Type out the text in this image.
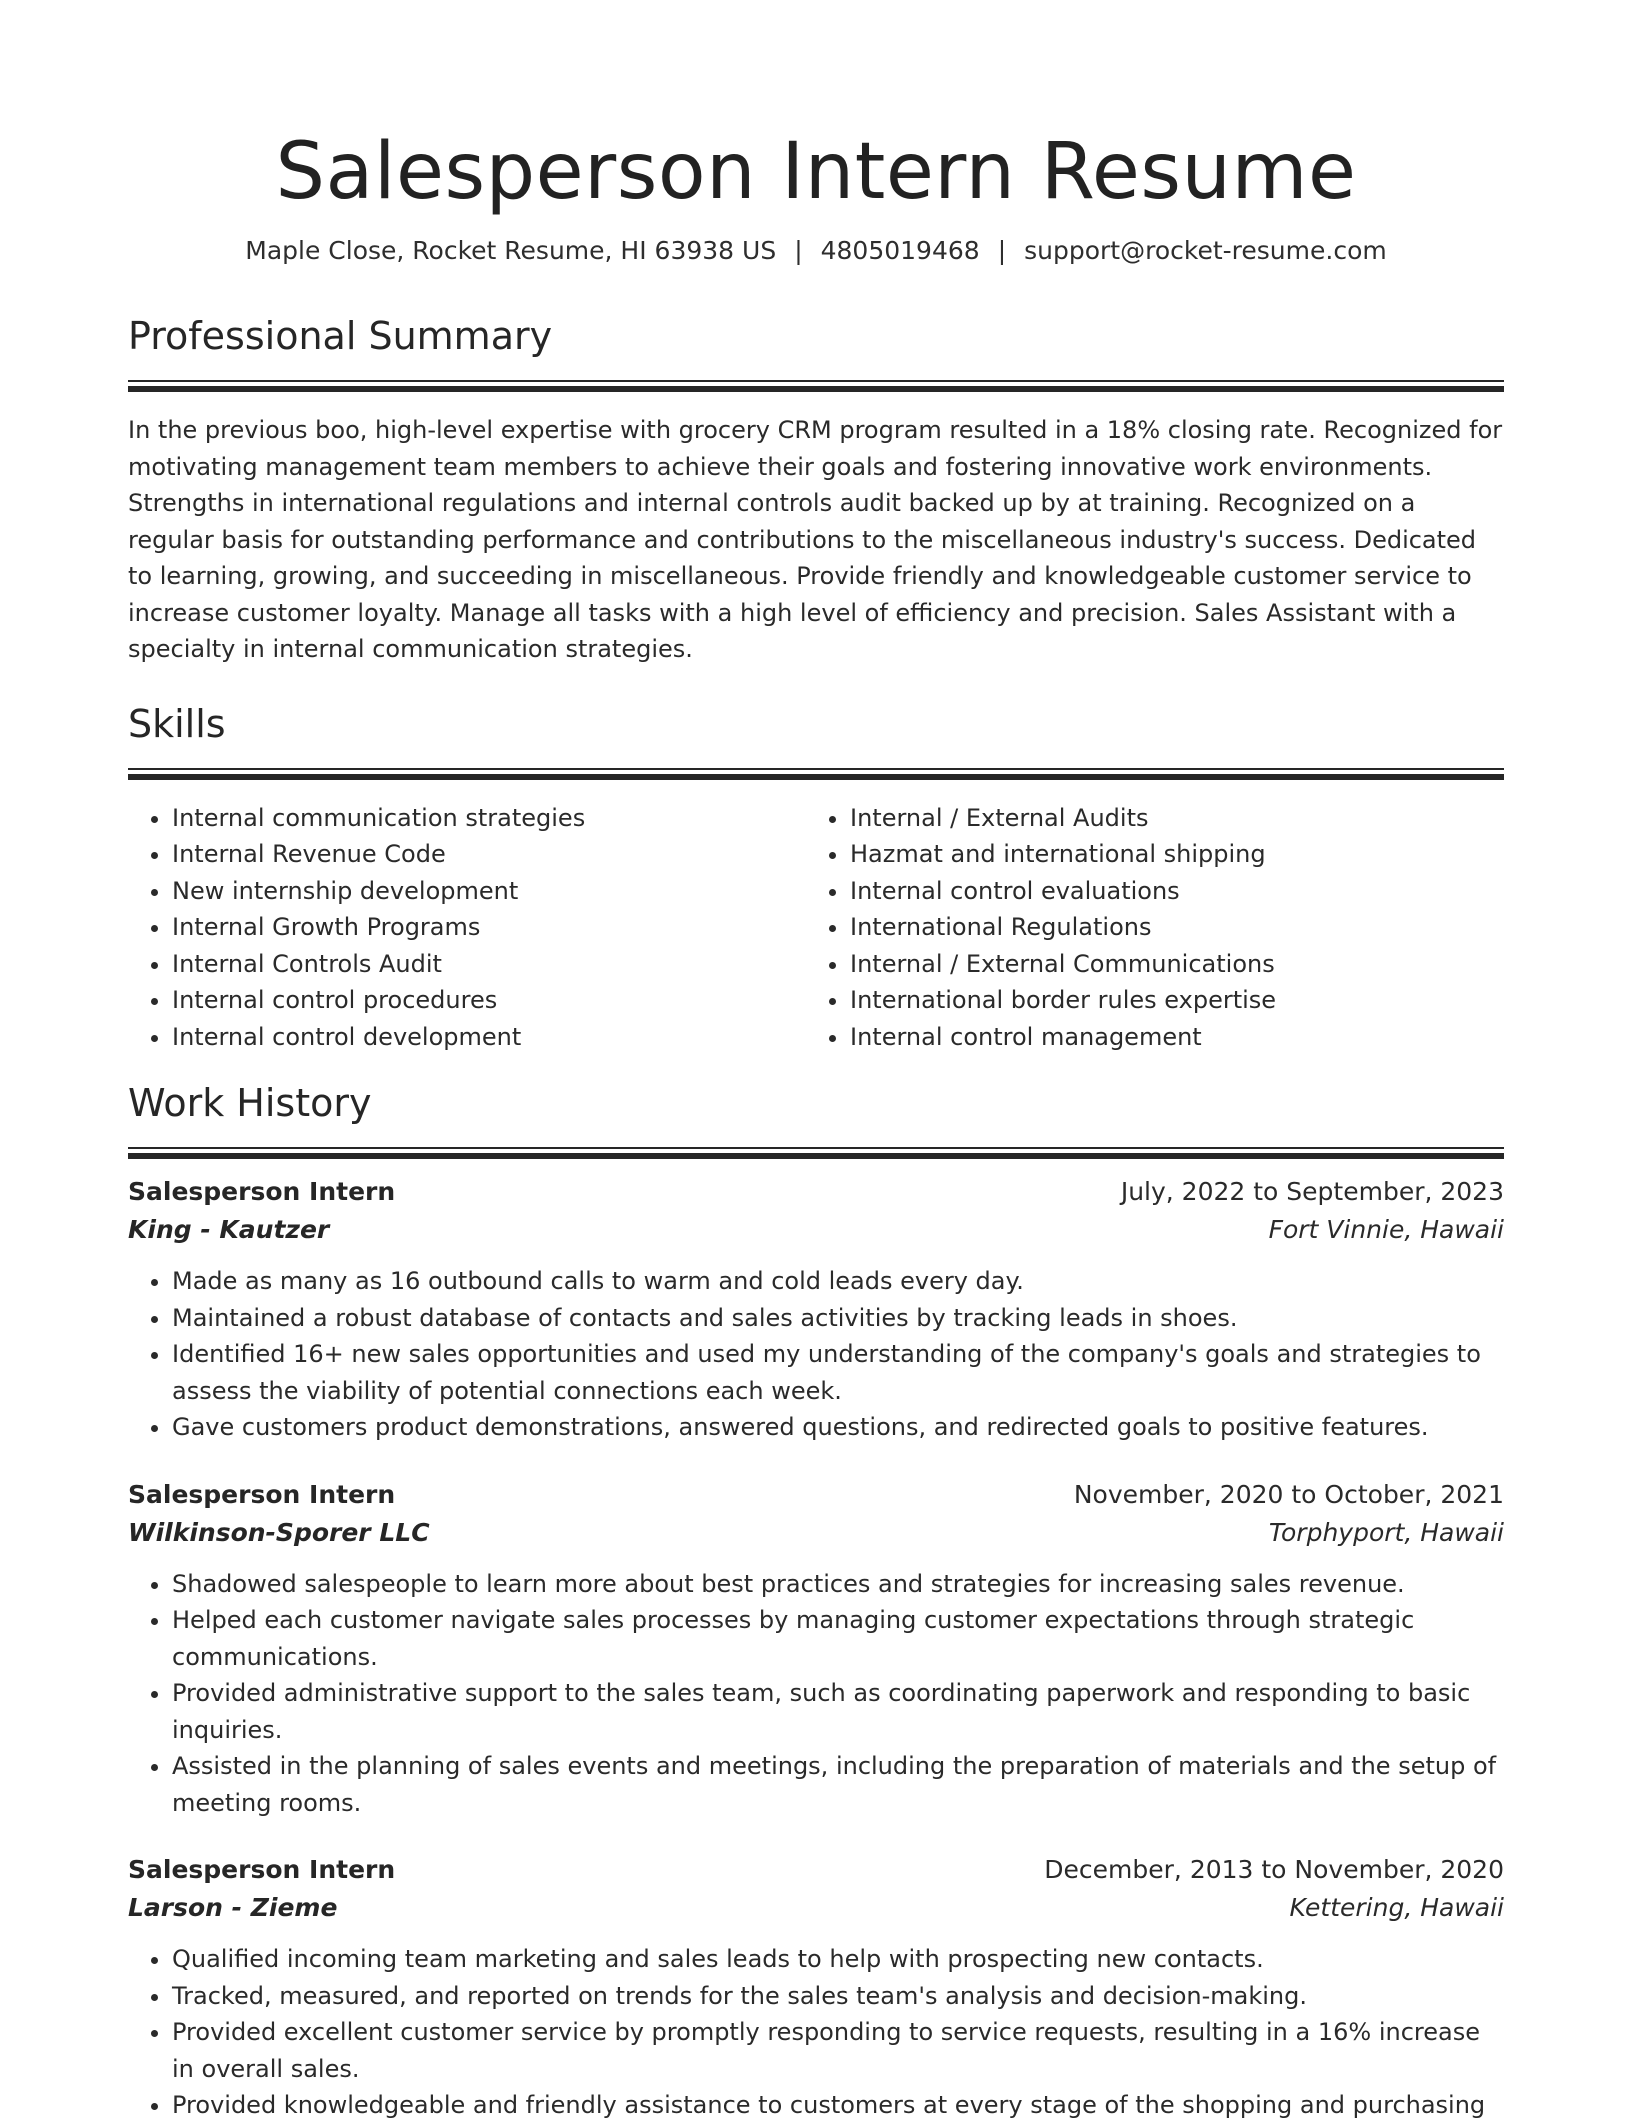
Salesperson Intern Resume
Maple Close, Rocket Resume, HI 63938 US | 4805019468 | support@rocket-resume.com
Professional Summary

In the previous boo, high-level expertise with grocery CRM program resulted in a 18% closing rate. Recognized for motivating management team members to achieve their goals and fostering innovative work environments. Strengths in international regulations and internal controls audit backed up by at training. Recognized on a regular basis for outstanding performance and contributions to the miscellaneous industry's success. Dedicated to learning, growing, and succeeding in miscellaneous. Provide friendly and knowledgeable customer service to increase customer loyalty. Manage all tasks with a high level of efficiency and precision. Sales Assistant with a specialty in internal communication strategies.

Skills
• Internal communication strategies
• Internal Revenue Code
• New internship development
• Internal Growth Programs
• Internal Controls Audit
• Internal control procedures
• Internal control development
• Internal / External Audits
• Hazmat and international shipping
• Internal control evaluations
• International Regulations
• Internal / External Communications
• International border rules expertise
• Internal control management
Work History
Salesperson Intern	July, 2022 to September, 2023
King - Kautzer	Fort Vinnie, Hawaii
• Made as many as 16 outbound calls to warm and cold leads every day.
• Maintained a robust database of contacts and sales activities by tracking leads in shoes.
• Identified 16+ new sales opportunities and used my understanding of the company's goals and strategies to assess the viability of potential connections each week.
• Gave customers product demonstrations, answered questions, and redirected goals to positive features.
Salesperson Intern	November, 2020 to October, 2021
Wilkinson-Sporer LLC	Torphyport, Hawaii
• Shadowed salespeople to learn more about best practices and strategies for increasing sales revenue.
• Helped each customer navigate sales processes by managing customer expectations through strategic communications.
• Provided administrative support to the sales team, such as coordinating paperwork and responding to basic inquiries.
• Assisted in the planning of sales events and meetings, including the preparation of materials and the setup of meeting rooms.
Salesperson Intern	December, 2013 to November, 2020
Larson - Zieme	Kettering, Hawaii
• Qualified incoming team marketing and sales leads to help with prospecting new contacts.
• Tracked, measured, and reported on trends for the sales team's analysis and decision-making.
• Provided excellent customer service by promptly responding to service requests, resulting in a 16% increase in overall sales.
• Provided knowledgeable and friendly assistance to customers at every stage of the shopping and purchasing
